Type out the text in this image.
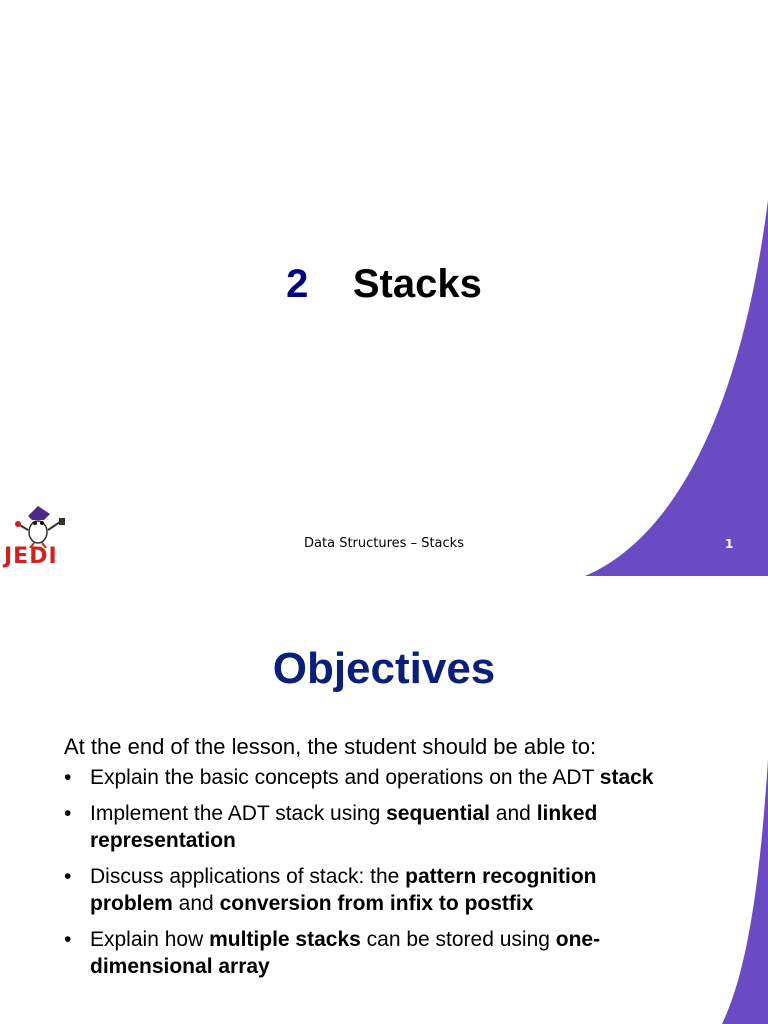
2 Stacks
Data Structures – Stacks	1
JEDI
Objectives
At the end of the lesson, the student should be able to:
• Explain the basic concepts and operations on the ADT stack
• Implement the ADT stack using sequential and linked representation
• Discuss applications of stack: the pattern recognition problem and conversion from infix to postfix
• Explain how multiple stacks can be stored using one-dimensional array
